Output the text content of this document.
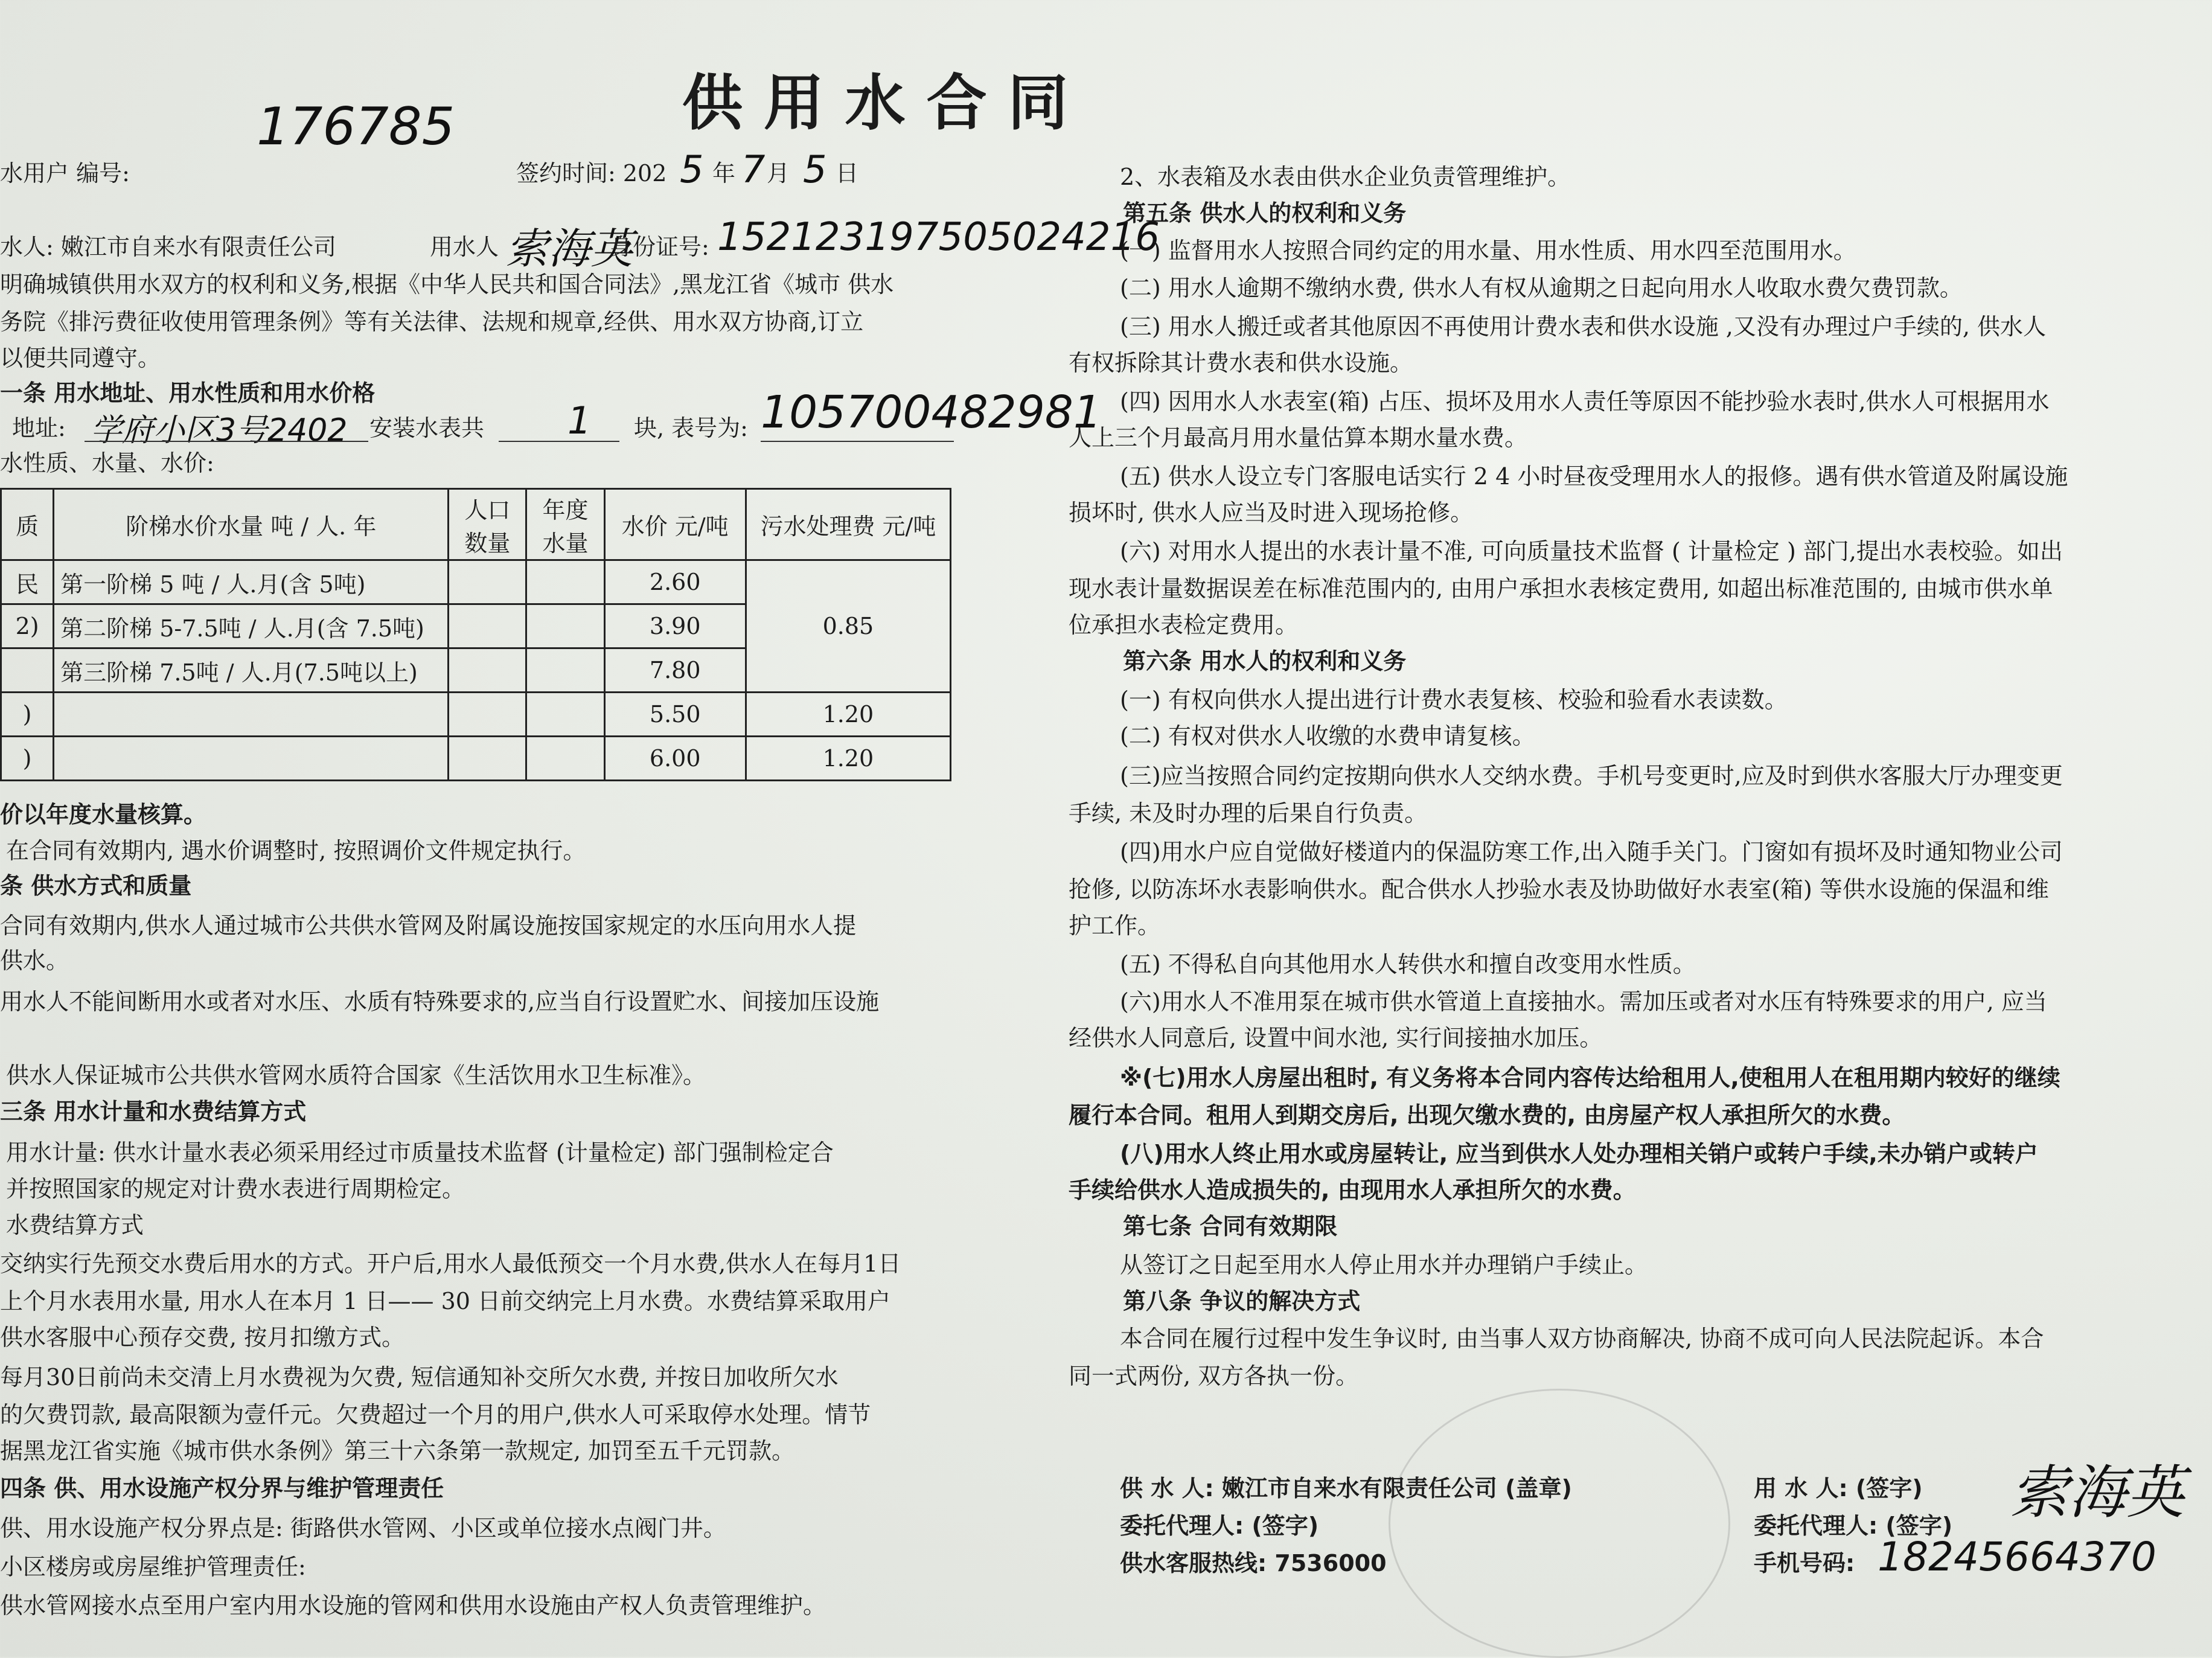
供 用 水 合 同
176785
水用户 编号:	签约时间: 202 5 年 7 月 5 日
水人: 嫩江市自来水有限责任公司	用水人 索海英
身份证号: 152123197505024216
明确城镇供用水双方的权利和义务,根据《中华人民共和国合同法》,黑龙江省《城市 供水
务院《排污费征收使用管理条例》等有关法律、法规和规章,经供、用水双方协商,订立
以便共同遵守。
一条 用水地址、用水性质和用水价格
地址: 学府小区3号2402 安装水表共 1 块, 表号为: 105700482981
水性质、水量、水价:
质	阶梯水价水量 吨 / 人. 年	人口数量	年度水量	水价 元/吨	污水处理费 元/吨
民	第一阶梯 5 吨 / 人.月(含 5吨)			2.60	0.85
2)	第二阶梯 5-7.5吨 / 人.月(含 7.5吨)			3.90	
	第三阶梯 7.5吨 / 人.月(7.5吨以上)			7.80	
)				5.50	1.20
)				6.00	1.20
价以年度水量核算。
在合同有效期内, 遇水价调整时, 按照调价文件规定执行。
条 供水方式和质量
合同有效期内,供水人通过城市公共供水管网及附属设施按国家规定的水压向用水人提
供水。
用水人不能间断用水或者对水压、水质有特殊要求的,应当自行设置贮水、间接加压设施
供水人保证城市公共供水管网水质符合国家《生活饮用水卫生标准》。
三条 用水计量和水费结算方式
用水计量: 供水计量水表必须采用经过市质量技术监督 (计量检定) 部门强制检定合
并按照国家的规定对计费水表进行周期检定。
水费结算方式
交纳实行先预交水费后用水的方式。开户后,用水人最低预交一个月水费,供水人在每月1日
上个月水表用水量, 用水人在本月 1 日—— 30 日前交纳完上月水费。水费结算采取用户
供水客服中心预存交费, 按月扣缴方式。
每月30日前尚未交清上月水费视为欠费, 短信通知补交所欠水费, 并按日加收所欠水
的欠费罚款, 最高限额为壹仟元。欠费超过一个月的用户,供水人可采取停水处理。情节
据黑龙江省实施《城市供水条例》第三十六条第一款规定, 加罚至五千元罚款。
四条 供、用水设施产权分界与维护管理责任
供、用水设施产权分界点是: 街路供水管网、小区或单位接水点阀门井。
小区楼房或房屋维护管理责任:
供水管网接水点至用户室内用水设施的管网和供用水设施由产权人负责管理维护。
2、水表箱及水表由供水企业负责管理维护。
第五条 供水人的权利和义务
(一) 监督用水人按照合同约定的用水量、用水性质、用水四至范围用水。
(二) 用水人逾期不缴纳水费, 供水人有权从逾期之日起向用水人收取水费欠费罚款。
(三) 用水人搬迁或者其他原因不再使用计费水表和供水设施 ,又没有办理过户手续的, 供水人
有权拆除其计费水表和供水设施。
(四) 因用水人水表室(箱) 占压、损坏及用水人责任等原因不能抄验水表时,供水人可根据用水
人上三个月最高月用水量估算本期水量水费。
(五) 供水人设立专门客服电话实行 2 4 小时昼夜受理用水人的报修。遇有供水管道及附属设施
损坏时, 供水人应当及时进入现场抢修。
(六) 对用水人提出的水表计量不准, 可向质量技术监督 ( 计量检定 ) 部门,提出水表校验。如出
现水表计量数据误差在标准范围内的, 由用户承担水表核定费用, 如超出标准范围的, 由城市供水单
位承担水表检定费用。
第六条 用水人的权利和义务
(一) 有权向供水人提出进行计费水表复核、校验和验看水表读数。
(二) 有权对供水人收缴的水费申请复核。
(三)应当按照合同约定按期向供水人交纳水费。手机号变更时,应及时到供水客服大厅办理变更
手续, 未及时办理的后果自行负责。
(四)用水户应自觉做好楼道内的保温防寒工作,出入随手关门。门窗如有损坏及时通知物业公司
抢修, 以防冻坏水表影响供水。配合供水人抄验水表及协助做好水表室(箱) 等供水设施的保温和维
护工作。
(五) 不得私自向其他用水人转供水和擅自改变用水性质。
(六)用水人不准用泵在城市供水管道上直接抽水。需加压或者对水压有特殊要求的用户, 应当
经供水人同意后, 设置中间水池, 实行间接抽水加压。
※(七)用水人房屋出租时, 有义务将本合同内容传达给租用人,使租用人在租用期内较好的继续
履行本合同。租用人到期交房后, 出现欠缴水费的, 由房屋产权人承担所欠的水费。
(八)用水人终止用水或房屋转让, 应当到供水人处办理相关销户或转户手续,未办销户或转户
手续给供水人造成损失的, 由现用水人承担所欠的水费。
第七条 合同有效期限
从签订之日起至用水人停止用水并办理销户手续止。
第八条 争议的解决方式
本合同在履行过程中发生争议时, 由当事人双方协商解决, 协商不成可向人民法院起诉。本合
同一式两份, 双方各执一份。
供 水 人: 嫩江市自来水有限责任公司 (盖章)
委托代理人: (签字)
供水客服热线: 7536000
用 水 人: (签字) 索海英
委托代理人: (签字)
手机号码: 18245664370
